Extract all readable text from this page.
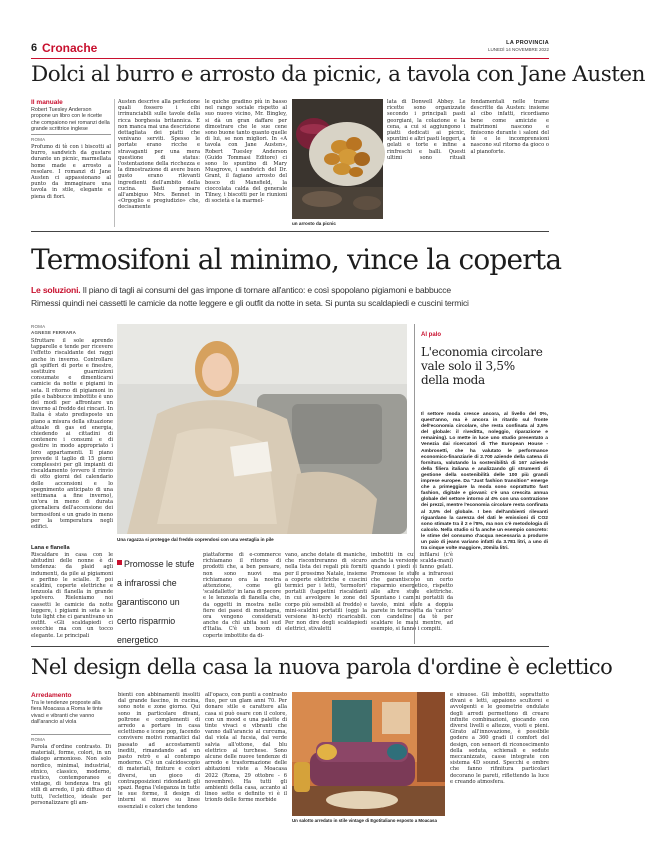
6 Cronache	LA PROVINCIA
LUNEDÌ 14 NOVEMBRE 2022
Dolci al burro e arrosto da picnic, a tavola con Jane Austen
Il manuale
Robert Tuesley Anderson propone un libro con le ricette che compaiono nei romanzi della grande scrittrice inglese
ROMA
Profumo di tè con i biscotti al burro, sandwich da gustare durante un picnic, marmellata home made e arrosto a resolare. I romanzi di Jane Austen ci appassionano al punto da immaginare una tavola in stile, elegante e piena di fiori.
Austen descrive alla perfezione quali fossero i cibi irrinunciabili sulle tavole della ricca borghesia britannica. E non manca mai una descrizione dettagliata dei piatti che venivano serviti. Spesso le portate erano ricche e stravaganti per una mera questione di status: l'ostentazione della ricchezza e la dimostrazione di avere buon gusto erano rilevanti ingredienti dell'ambito della cucina. Basti pensare all'ambiguo Mrs. Bennet in «Orgoglio e pregiudizio» che, decisamente
le quiche gradino più in basso nel rango sociale rispetto al suo nuovo vicino, Mr. Bingley, si dà un gran daffare per dimostrare che le sue cene sono buone tanto quanto quelle di lui, se non migliori. In «A tavola con Jane Austen», Robert Tuesley Anderson (Guido Tommasi Editore) ci sono lo spuntino di Mary Musgrove, i sandwich del Dr. Grant, il fagiano arrosto del bosco di Mansfield, la cioccolata calda del generale Tilney, i biscotti per le riunioni di società e la marmel-
un arrosto da picnic
lata di Donwell Abbey. Le ricette sono organizzate secondo i principali pasti georgiani, la colazione e la cena, a cui si aggiungono i piatti dedicati ai picnic, spuntini e altri pasti leggeri, a gelati e torte e infine a rinfreschi e balli. Questi ultimi sono rituali fondamentali nelle trame descritte da Austen: insieme al cibo infatti, ricordiamo bene come amicizie e matrimoni nascono e finiscono durante i saloni del tè e le incomprensioni nascono sul ritorno da gioco o al pianoforte.
Termosifoni al minimo, vince la coperta
Le soluzioni. Il piano di tagli ai consumi del gas impone di tornare all'antico: e così spopolano pigiamoni e babbucce
Rimessi quindi nei cassetti le camicie da notte leggere e gli outfit da notte in seta. Si punta su scaldapiedi e cuscini termici
ROMA
AGNESE FERRARA
Sfruttare il sole aprendo tapparelle e tende per ricevere l'effetto riscaldante dei raggi anche in inverno. Controllare gli spifferi di porte e finestre, sostituire guarnizioni consumate e dimenticarsi camicie da notte e pigiami in seta. Il ritorno di pigiamoni in pile e babbucce imbottite è uno dei modi per affrontare un inverno al freddo dei rincari. In Italia è stato predisposto un piano a misura della situazione attuale di gas ed energia, chiedendo ai cittadini di contenere i consumi e di gestire in modo appropriato i loro appartamenti. Il piano prevede il taglio di 15 giorni complessivi per gli impianti di riscaldamento (ovvero il rinvio di otto giorni del calendario delle accensioni e lo spegnimento anticipato di una settimana a fine inverno), un'ora in meno di durata giornaliera dell'accensione dei termosifoni e un grado in meno per la temperatura negli edifici.
Lana e flanella
Riscaldare in casa con le abitudini delle nonne è di tendenza: da plaid agli indumenti, da pile ai pigiamoni e perfino le scialle. E poi scaldini, coperte elettriche e lenzuola di flanella in grande spolvero. Rieleniamo noi cassetti le camicie da notte leggere, i pigiami in seta e le tute light che ci garantivano un outfit. «Gli scaldapiedi ci svecchie ma con un tocco elegante. Le principali
Una ragazza si protegge dal freddo coprendosi con una vestaglia in pile
Promosse le stufe a infrarossi che garantiscono un certo risparmio energetico
piattaforme di e-commerce richiamano il ritorno di prodotti che, a ben pensare, non sono nuovi ma richiamano ora la nostra attenzione, come gli 'scaldalletto' in lana di pecore e le lenzuola di flanella che, da oggetti in mostra nelle fiere dei paesi di montagna, ora vengono considerati anche da chi abita nel sud d'Italia. C'è un boom di coperte imbottite da di-
vano, anche dotate di maniche, che riscontreranno di sicuro nella lista dei regali più forniti per il prossimo Natale, insieme a coperte elettriche e cuscini termici per i letti, 'termofori' portatili (tappetini riscaldanti in cui avvolgere le zone del corpo più sensibili al freddo) e mini-scaldini portatili (oggi la versione hi-tech) ricaricabili. Per non dire degli scaldapiedi elettrici, stivaletti
imbottiti in cui infilarsi (c'è anche la versione scalda-mani) quando i piedi si fanno gelati. Promosse le stufe a infrarossi che garantiscono un certo risparmio energetico, rispetto alle altre stufe elettriche. Spuntano i camini portatili da tavolo, mini stufe a doppia parete in terracotta da 'carico' con candeline da tè per scaldare le mani mentre, ad esempio, si fanno i compiti.
Al palo
L'economia circolare vale solo il 3,5% della moda
Il settore moda cresce ancora, al livello del 0%, quest'anno, ma è ancora in ritardo sul fronte dell'economia circolare, che resta confinata al 3,5% del globale: il riveditta, noleggio, riparazione e remaining). Lo mette in luce uno studio presentato a Venezia dai ricercatori di The European House - Ambrosetti, che ha valutato le performance economico-finanziarie di 2.700 aziende della catena di fornitura, valutando la sostenibilità di 167 aziende della filiera italiana e analizzando gli strumenti di gestione della sostenibilità delle 100 più grandi imprese europee. Da "Just fashion transition" emerge che a primeggiare la moda sono soprattutto fast fashion, digitale e giovani: c'è una crescita annua globale del settore intorno al 4% con una contrazione dei prezzi, mentre l'economia circolare resta confinata al 3,5% del globale. I ben dell'ambienti rilevanti riguardano la carenza del dati le emissioni di CO2 sono stimate tra il 2 e l'8%, ma non c'è metodologia di calcolo. Nella studio si fa anche un esempio concreto: le stime del consumo d'acqua necessaria a produrre un paio di jeans variano infatti da 3.781 litri, a uno di tra cinque volte maggiore, 20mila litri.
Nel design della casa la nuova parola d'ordine è eclettico
Arredamento
Tra le tendenze proposte alla fiera Moacasa a Roma le tinte vivaci e vibranti che vanno dall'arancio al viola
ROMA
Parola d'ordine contrasto. Di materiali, forme, colori, in un dialogo armonioso. Non solo nordico, minimal, industrial, etnico, classico, moderno, rustico, contemporaneo e vintage, di tendenza tra gli stili di arredo, il più diffuso di tutti, l'eclettico, ideale per personalizzare gli am-
bienti con abbinamenti insoliti dal grande fascino, in cucina, sono note e zone giorno. Qui sono in particolare divani, poltrone e complementi di arredo a portare in casa eclettismo e icone pop, facendo convivere motivi romantici dal passato ad accostamenti inediti, rimandando ad un pasto retrò e al contempo moderno. C'è un calcidoscopio di materiali, finiture e colori diversi, un gioco di contrapposizioni ridondanti gli spazi. Regna l'eleganza in tutte le sue forme, il design di interni si muove su linee essenziali e colori che tendono
all'opaco, con punti a contrasto fluo, per un glam anni 70. Per donare stile e carattere alla casa si può osare con il colore, con un mood e una palette di tinte vivaci e vibranti che vanno dall'arancio al curcuma, dal viola al fucsia, dal verde salvia all'ottone, dal blu elettrico al turchese. Sono alcune delle nuove tendenze di arredo e trasformazione delle abitazioni viste a Moacasa 2022 (Roma, 29 ottobre - 6 novembre). Ha tutti gli ambienti della casa, accanto al lineo sette e definito vi è il trionfo delle forme morbide
Un salotto arredato in stile vintage di Egotitaliano esposto a Moacasa
e sinuose. Gli imbottiti, soprattutto divani e letti, appaiono scultorei e avvolgenti e le geometrie ondulate degli arredi permettono di creare infinite combinazioni, giocando con diversi livelli e altezze, vuoti e pieni. Girato all'innovazione, è possibile godere a 360 gradi il comfort del design, con sensori di riconoscimento della seduta, schienali e sedute meccanizzate, casse integrate con sistema 4D sound. Specchi e ombre che fanno rifinitura particolari decorano le pareti, riflettendo la luce e creando atmosfera.
